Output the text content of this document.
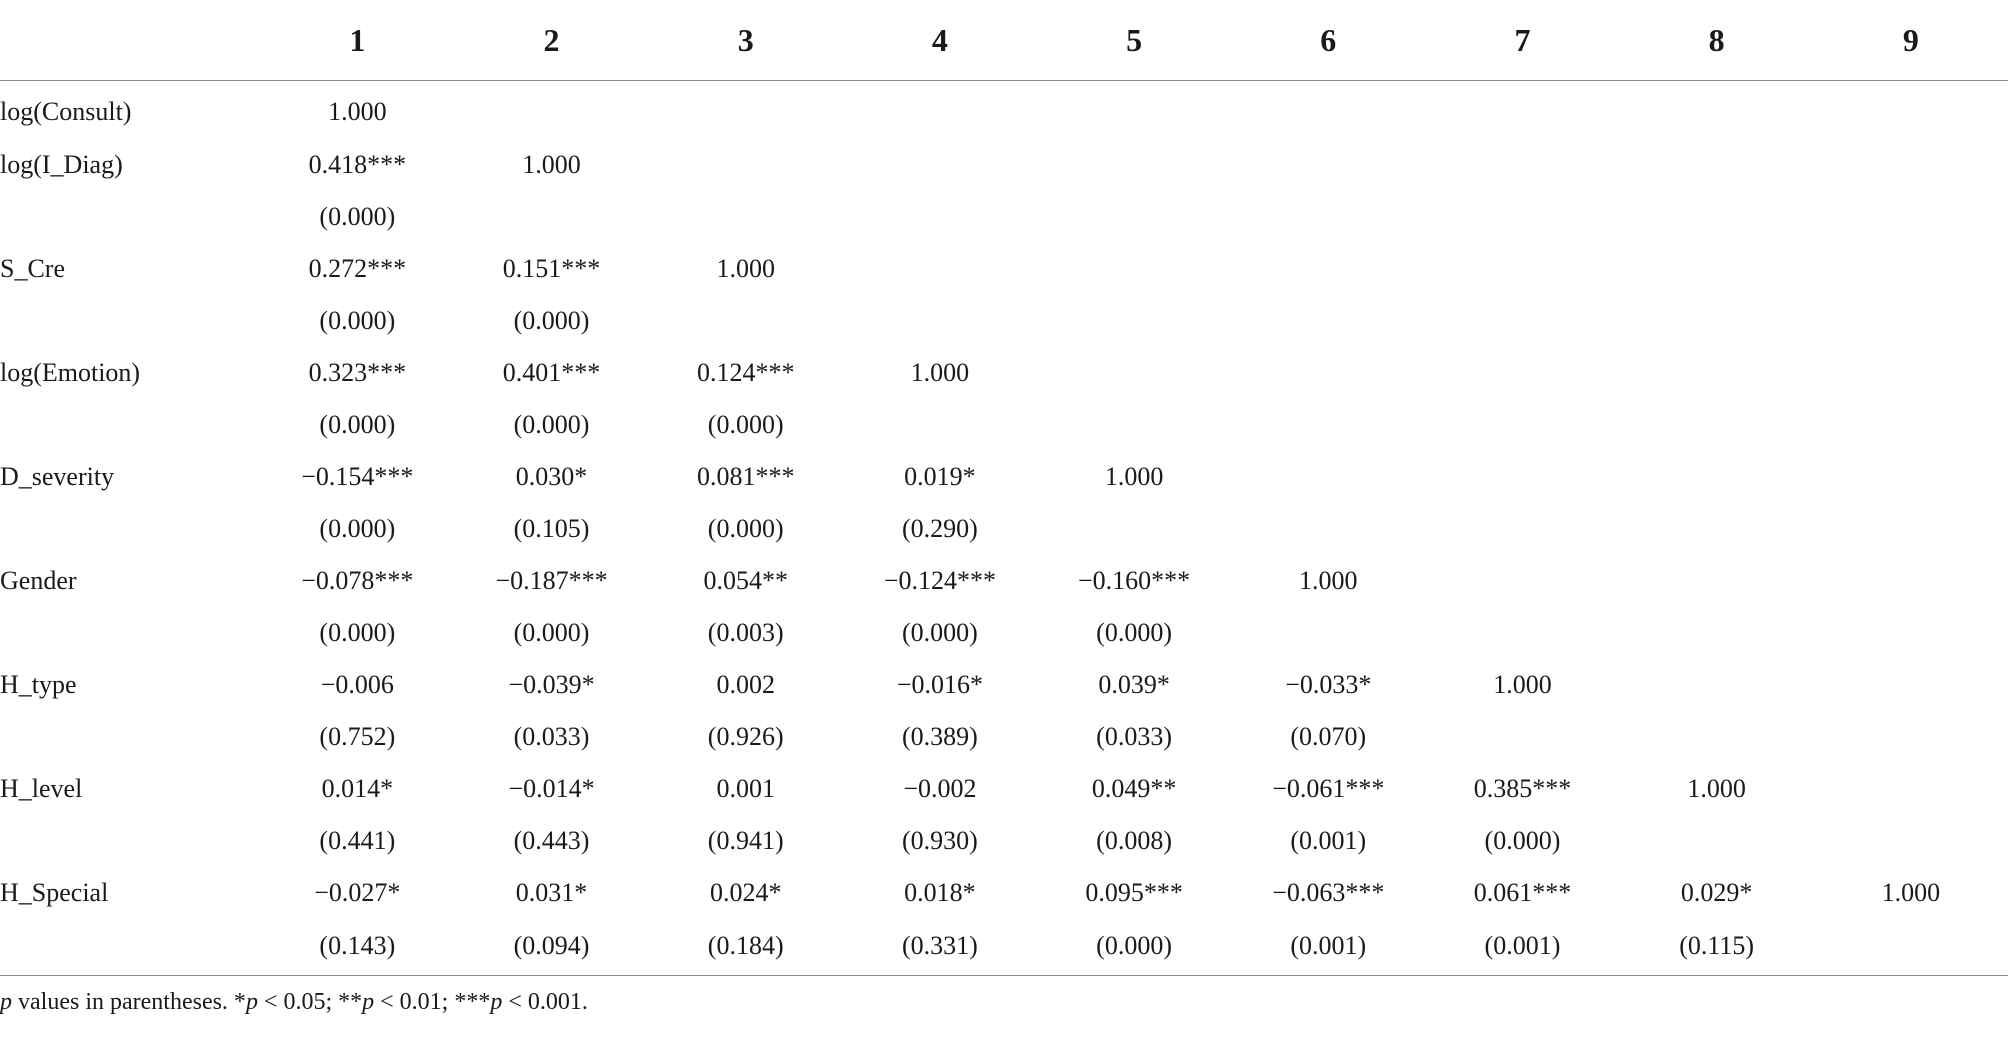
	1	2	3	4	5	6	7	8	9
log(Consult)	1.000								
log(I_Diag)	0.418***	1.000							
	(0.000)								
S_Cre	0.272***	0.151***	1.000						
	(0.000)	(0.000)							
log(Emotion)	0.323***	0.401***	0.124***	1.000					
	(0.000)	(0.000)	(0.000)						
D_severity	−0.154***	0.030*	0.081***	0.019*	1.000				
	(0.000)	(0.105)	(0.000)	(0.290)					
Gender	−0.078***	−0.187***	0.054**	−0.124***	−0.160***	1.000			
	(0.000)	(0.000)	(0.003)	(0.000)	(0.000)				
H_type	−0.006	−0.039*	0.002	−0.016*	0.039*	−0.033*	1.000		
	(0.752)	(0.033)	(0.926)	(0.389)	(0.033)	(0.070)			
H_level	0.014*	−0.014*	0.001	−0.002	0.049**	−0.061***	0.385***	1.000	
	(0.441)	(0.443)	(0.941)	(0.930)	(0.008)	(0.001)	(0.000)		
H_Special	−0.027*	0.031*	0.024*	0.018*	0.095***	−0.063***	0.061***	0.029*	1.000
	(0.143)	(0.094)	(0.184)	(0.331)	(0.000)	(0.001)	(0.001)	(0.115)	
p values in parentheses. *p < 0.05; **p < 0.01; ***p < 0.001.									
